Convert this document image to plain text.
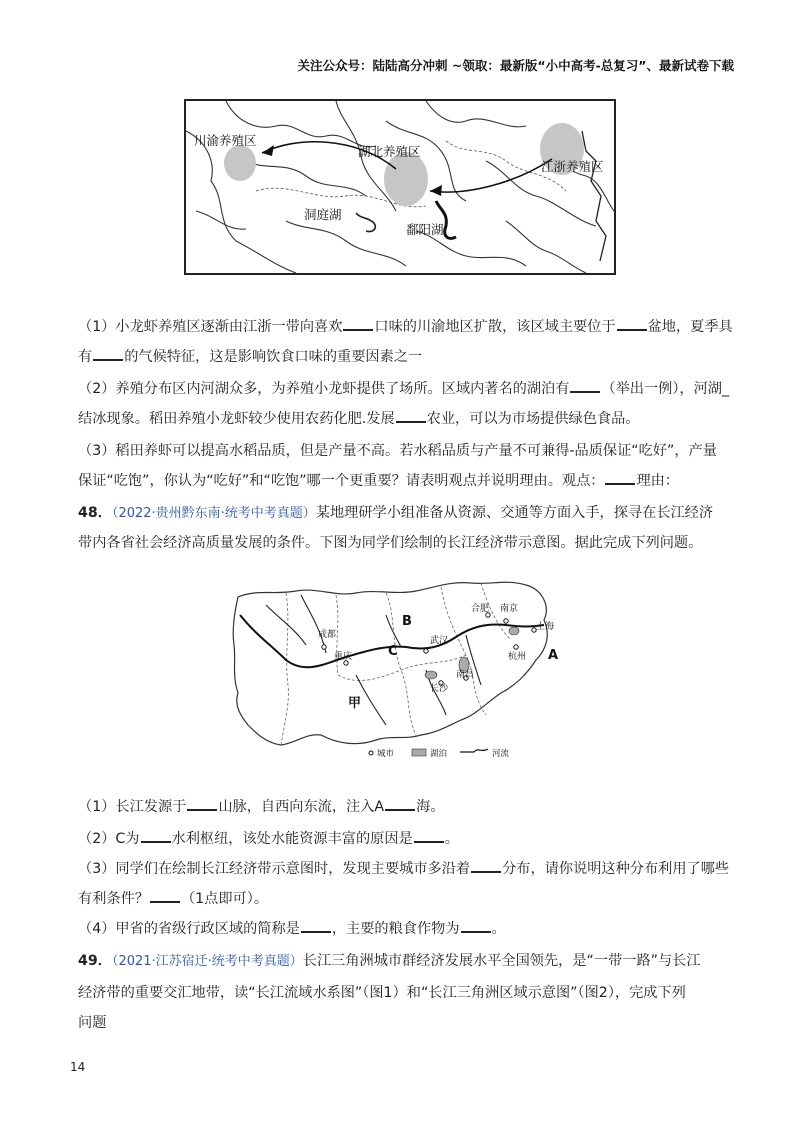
关注公众号：陆陆高分冲刺 ~领取：最新版“小中高考-总复习”、最新试卷下载
川渝养殖区
湖北养殖区
江浙养殖区
洞庭湖
鄱阳湖
（1）小龙虾养殖区逐渐由江浙一带向喜欢 口味的川渝地区扩散，该区域主要位于 盆地，夏季具
有 的气候特征，这是影响饮食口味的重要因素之一
（2）养殖分布区内河湖众多，为养殖小龙虾提供了场所。区域内著名的湖泊有 （举出一例），河湖_
结冰现象。稻田养殖小龙虾较少使用农药化肥.发展 农业，可以为市场提供绿色食品。
（3）稻田养虾可以提高水稻品质，但是产量不高。若水稻品质与产量不可兼得-品质保证“吃好”，产量
保证“吃饱”，你认为“吃好”和“吃饱”哪一个更重要？请表明观点并说明理由。观点： 理由：
48．（2022·贵州黔东南·统考中考真题）某地理研学小组准备从资源、交通等方面入手，探寻在长江经济
带内各省社会经济高质量发展的条件。下图为同学们绘制的长江经济带示意图。据此完成下列问题。
成都
重庆
武汉
合肥 南京
上海
杭州
长沙
南昌
A
B
C
甲
城市	湖泊	河流
（1）长江发源于 山脉，自西向东流，注入A 海。
（2）C为 水利枢纽，该处水能资源丰富的原因是 。
（3）同学们在绘制长江经济带示意图时，发现主要城市多沿着 分布，请你说明这种分布利用了哪些
有利条件？ （1点即可）。
（4）甲省的省级行政区域的简称是 ，主要的粮食作物为 。
49．（2021·江苏宿迁·统考中考真题）长江三角洲城市群经济发展水平全国领先，是“一带一路”与长江
经济带的重要交汇地带，读“长江流域水系图”（图1）和“长江三角洲区域示意图”（图2），完成下列
问题
14
